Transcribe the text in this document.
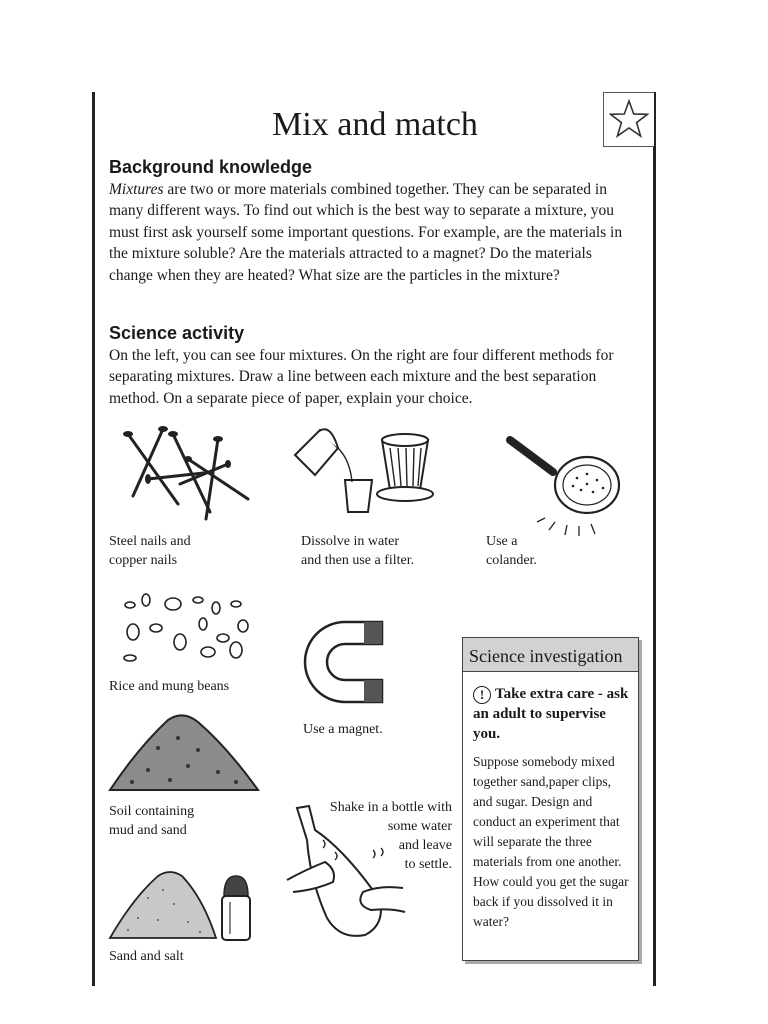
Mix and match
Background knowledge
Mixtures are two or more materials combined together. They can be separated in many different ways. To find out which is the best way to separate a mixture, you must first ask yourself some important questions. For example, are the materials in the mixture soluble? Are the materials attracted to a magnet? Do the materials change when they are heated? What size are the particles in the mixture?
Science activity
On the left, you can see four mixtures. On the right are four different methods for separating mixtures. Draw a line between each mixture and the best separation method. On a separate piece of paper, explain your choice.
Steel nails and
copper nails
Dissolve in water
and then use a filter.
Use a
colander.
Rice and mung beans
Use a magnet.
Soil containing
mud and sand
Shake in a bottle with
some water
and leave
to settle.
Sand and salt
Science investigation
! Take extra care - ask an adult to supervise you.
Suppose somebody mixed together sand,paper clips, and sugar. Design and conduct an experiment that will separate the three materials from one another. How could you get the sugar back if you dissolved it in water?
